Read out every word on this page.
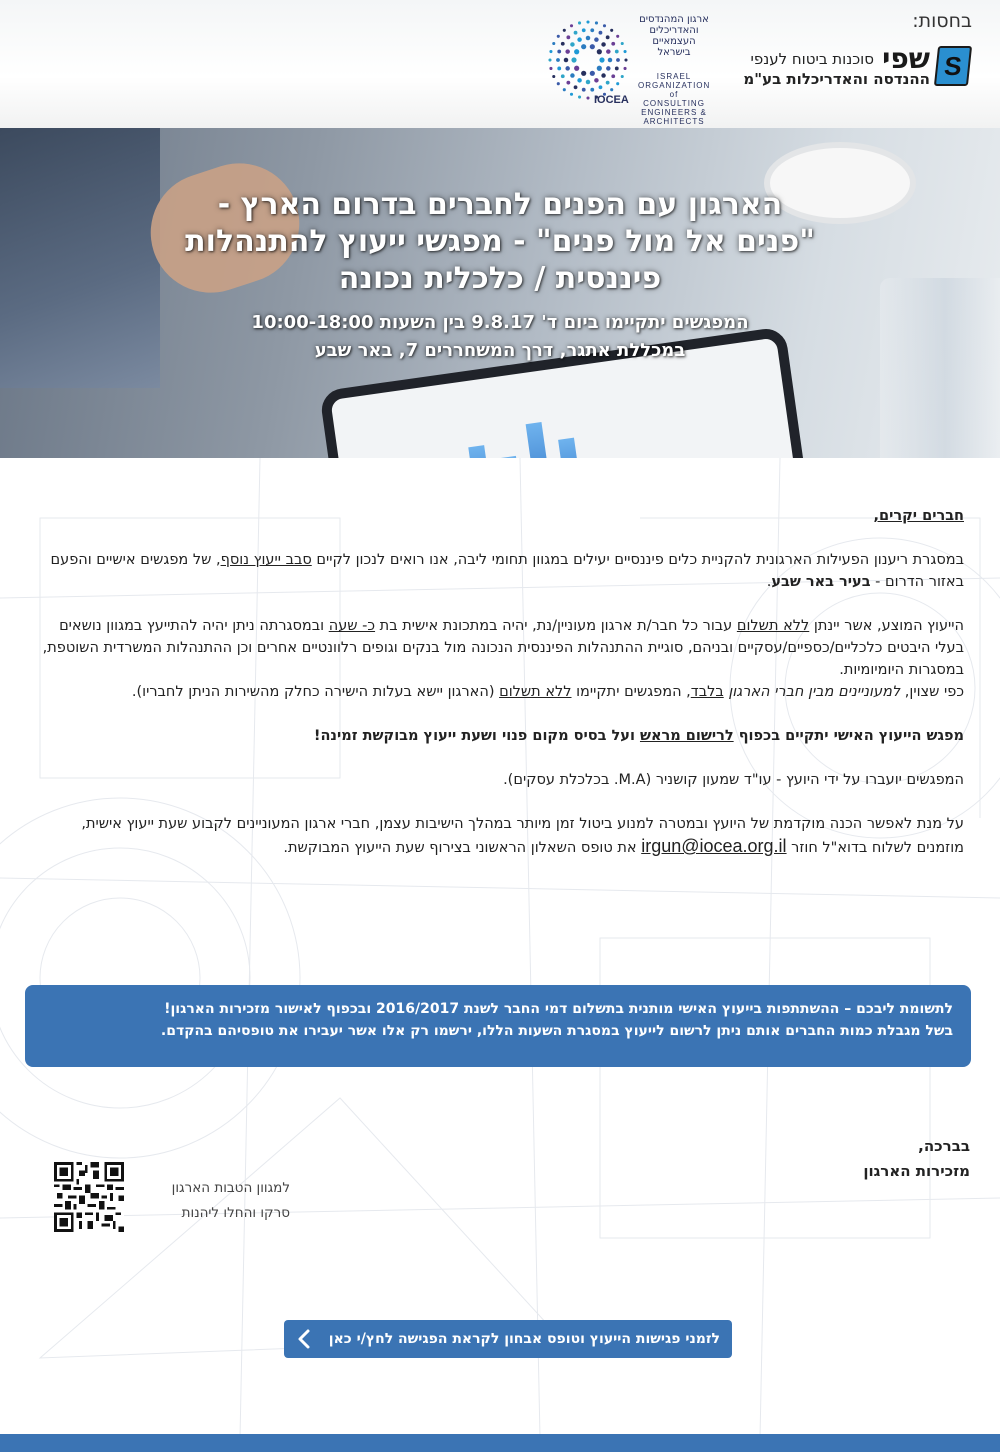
בחסות:
S
שפי
סוכנות ביטוח לענפי
ההנדסה והאדריכלות בע"מ
ארגון המהנדסים
והאדריכלים
העצמאיים
בישראל
ISRAEL
ORGANIZATION
of CONSULTING
ENGINEERS & ARCHITECTS
IOCEA
הארגון עם הפנים לחברים בדרום הארץ -
"פנים אל מול פנים" - מפגשי ייעוץ להתנהלות
פיננסית / כלכלית נכונה
המפגשים יתקיימו ביום ד' 9.8.17 בין השעות 10:00-18:00
במכללת אתגר, דרך המשחררים 7, באר שבע

חברים יקרים,

במסגרת ריענון הפעילות הארגונית להקניית כלים פיננסיים יעילים במגוון תחומי ליבה, אנו רואים לנכון לקיים סבב ייעוץ נוסף, של מפגשים אישיים והפעם באזור הדרום - בעיר באר שבע.

הייעוץ המוצע, אשר יינתן ללא תשלום עבור כל חבר/ת ארגון מעוניין/נת, יהיה במתכונת אישית בת כ- שעה ובמסגרתה ניתן יהיה להתייעץ במגוון נושאים בעלי היבטים כלכליים/כספיים/עסקיים ובניהם, סוגיית ההתנהלות הפיננסית הנכונה מול בנקים וגופים רלוונטיים אחרים וכן ההתנהלות המשרדית השוטפת, במסגרות היומיומיות.

כפי שצוין, למעוניינים מבין חברי הארגון בלבד, המפגשים יתקיימו ללא תשלום (הארגון יישא בעלות הישירה כחלק מהשירות הניתן לחבריו).

מפגש הייעוץ האישי יתקיים בכפוף לרישום מראש ועל בסיס מקום פנוי ושעת ייעוץ מבוקשת זמינה!

המפגשים יועברו על ידי היועץ - עו"ד שמעון קושניר (M.A. בכלכלת עסקים).

על מנת לאפשר הכנה מוקדמת של היועץ ובמטרה למנוע ביטול זמן מיותר במהלך הישיבות עצמן, חברי ארגון המעוניינים לקבוע שעת ייעוץ אישית, מוזמנים לשלוח בדוא"ל חוזר irgun@iocea.org.il את טופס השאלון הראשוני בצירוף שעת הייעוץ המבוקשת.

לתשומת ליבכם – ההשתתפות בייעוץ האישי מותנית בתשלום דמי החבר לשנת 2016/2017 ובכפוף לאישור מזכירות הארגון!
בשל מגבלת כמות החברים אותם ניתן לרשום לייעוץ במסגרת השעות הללו, ירשמו רק אלו אשר יעבירו את טופסיהם בהקדם.
בברכה,
מזכירות הארגון
למגוון הטבות הארגון
סרקו והחלו ליהנות
לזמני פגישות הייעוץ וטופס אבחון לקראת הפגישה לחץ/י כאן
